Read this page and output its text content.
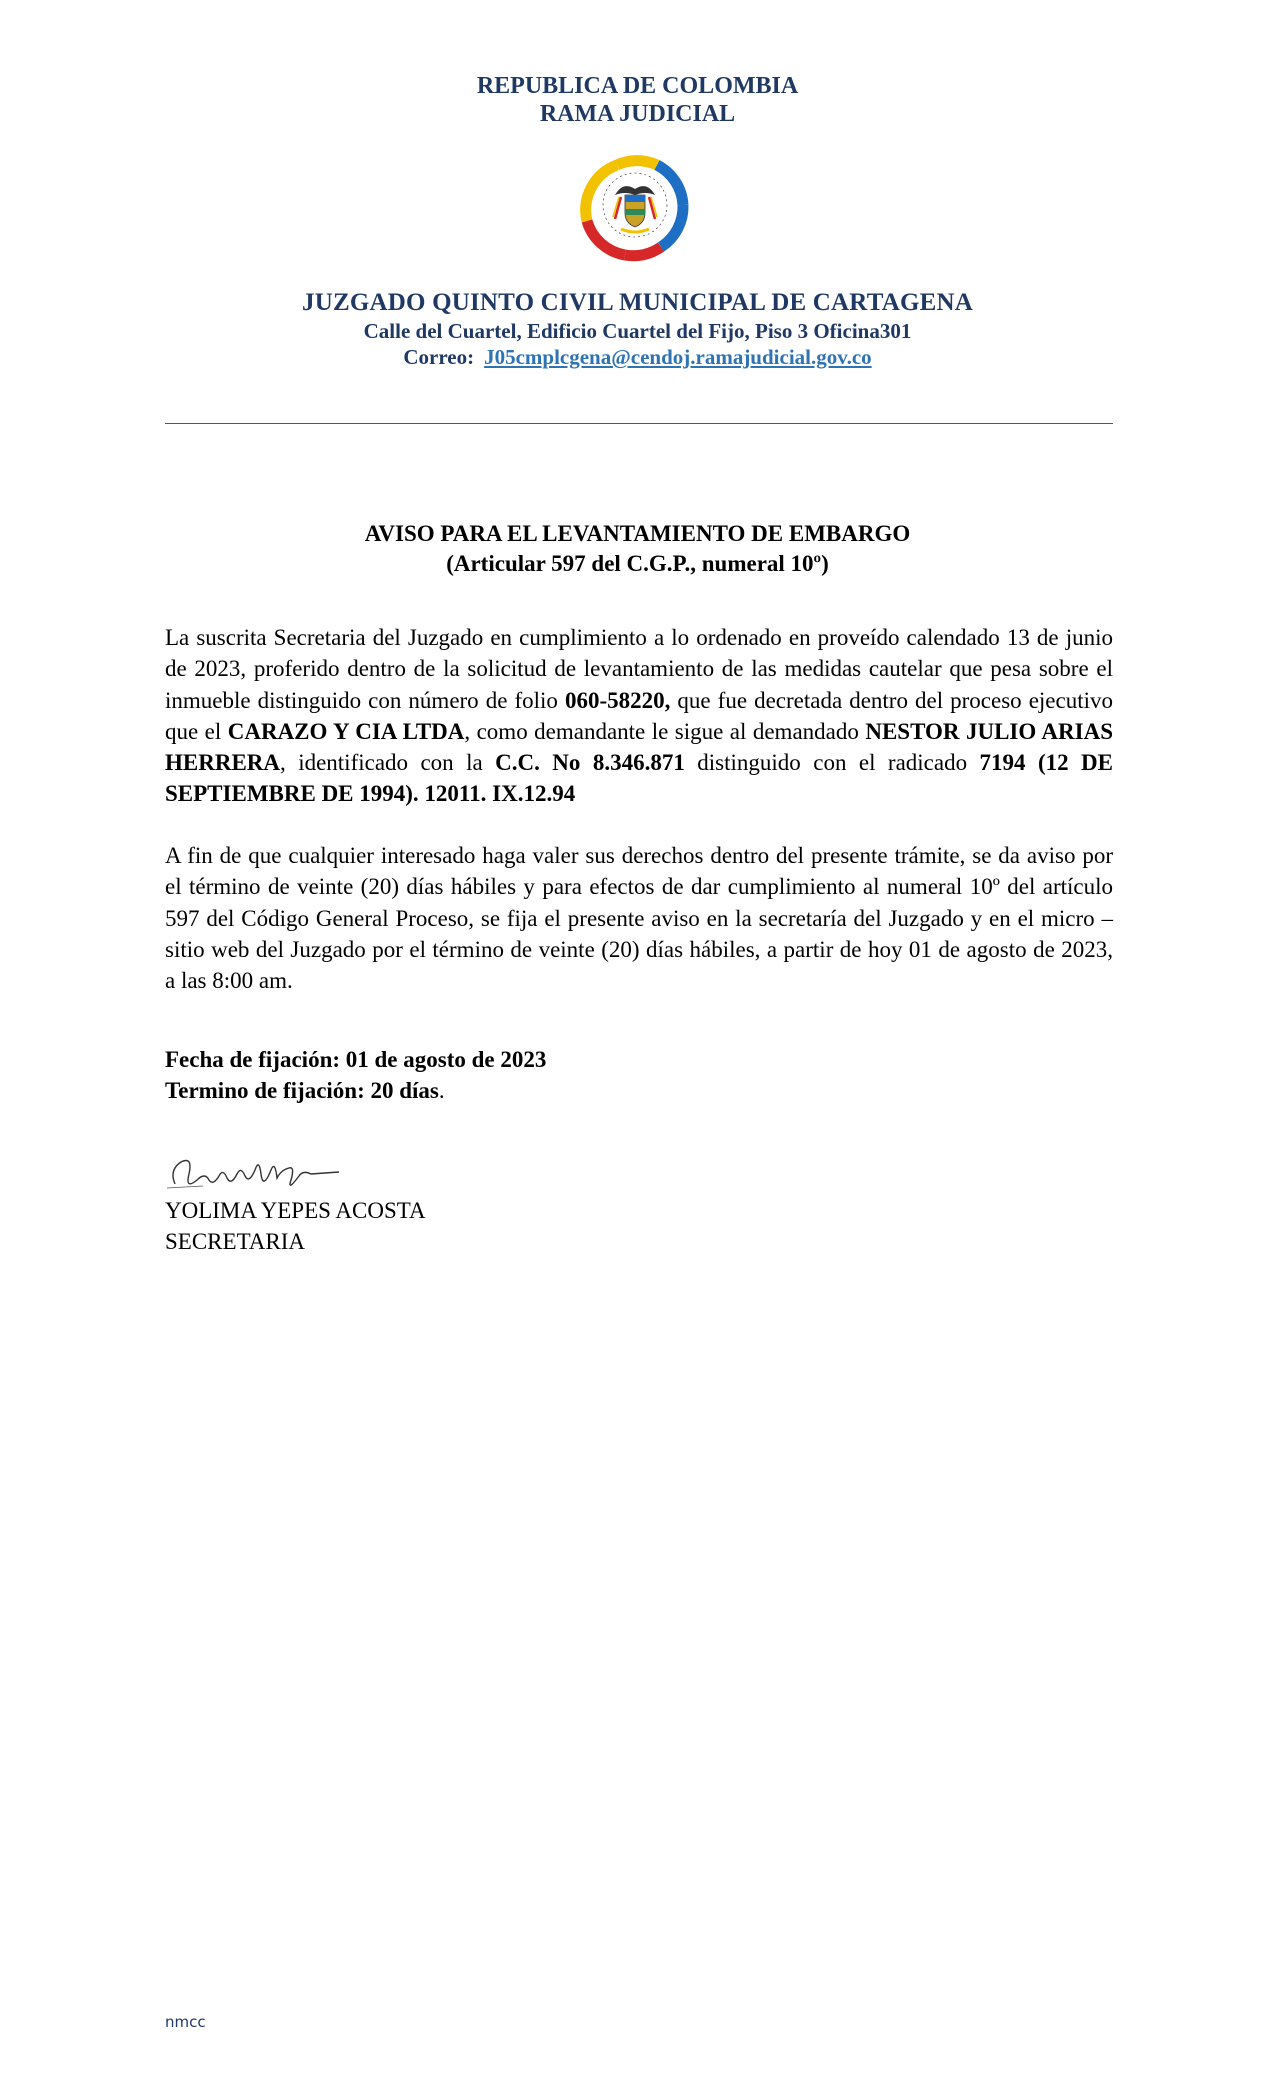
REPUBLICA DE COLOMBIA
RAMA JUDICIAL
JUZGADO QUINTO CIVIL MUNICIPAL DE CARTAGENA
Calle del Cuartel, Edificio Cuartel del Fijo, Piso 3 Oficina301
Correo: J05cmplcgena@cendoj.ramajudicial.gov.co
AVISO PARA EL LEVANTAMIENTO DE EMBARGO
(Articular 597 del C.G.P., numeral 10º)
La suscrita Secretaria del Juzgado en cumplimiento a lo ordenado en proveído calendado 13 de junio de 2023, proferido dentro de la solicitud de levantamiento de las medidas cautelar que pesa sobre el inmueble distinguido con número de folio 060-58220, que fue decretada dentro del proceso ejecutivo que el CARAZO Y CIA LTDA, como demandante le sigue al demandado NESTOR JULIO ARIAS HERRERA, identificado con la C.C. No 8.346.871 distinguido con el radicado 7194 (12 DE SEPTIEMBRE DE 1994). 12011. IX.12.94
A fin de que cualquier interesado haga valer sus derechos dentro del presente trámite, se da aviso por el término de veinte (20) días hábiles y para efectos de dar cumplimiento al numeral 10º del artículo 597 del Código General Proceso, se fija el presente aviso en la secretaría del Juzgado y en el micro – sitio web del Juzgado por el término de veinte (20) días hábiles, a partir de hoy 01 de agosto de 2023, a las 8:00 am.
Fecha de fijación: 01 de agosto de 2023
Termino de fijación: 20 días.
YOLIMA YEPES ACOSTA
SECRETARIA
nmcc
